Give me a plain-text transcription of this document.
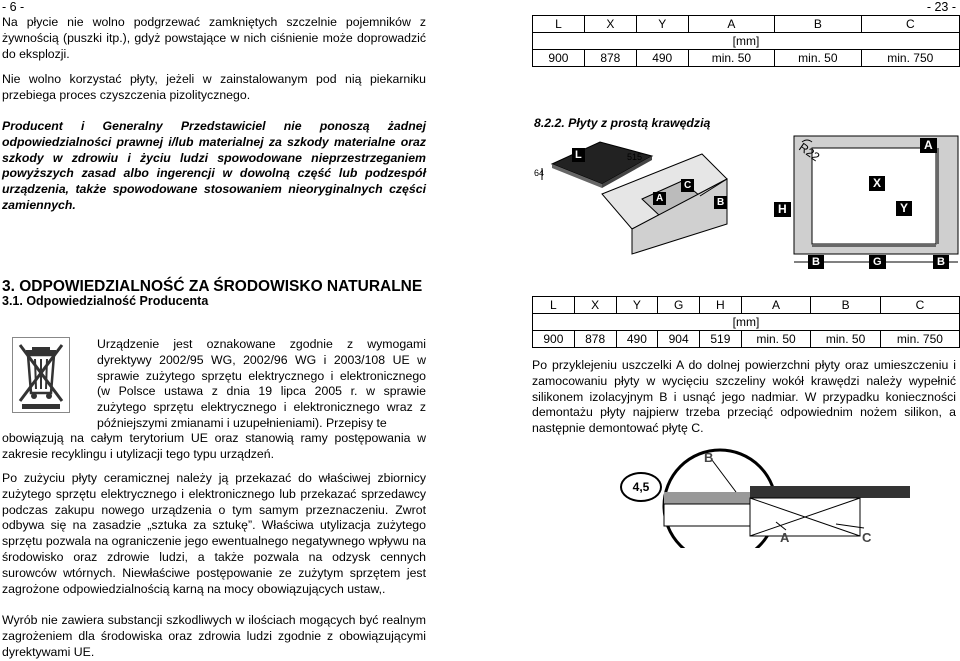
- 6 -	- 23 -
Na płycie nie wolno podgrzewać zamkniętych szczelnie pojemników z żywnością (puszki itp.), gdyż powstające w nich ciśnienie może doprowadzić do eksplozji.
Nie wolno korzystać płyty, jeżeli w zainstalowanym pod nią piekarniku przebiega proces czyszczenia pizolitycznego.
Producent i Generalny Przedstawiciel nie ponoszą żadnej odpowiedzialności prawnej i/lub materialnej za szkody materialne oraz szkody w zdrowiu i życiu ludzi spowodowane nieprzestrzeganiem powyższych zasad albo ingerencji w dowolną część lub podzespół urządzenia, także spowodowane stosowaniem nieoryginalnych części zamiennych.
3. ODPOWIEDZIALNOŚĆ ZA ŚRODOWISKO NATURALNE
3.1. Odpowiedzialność Producenta
Urządzenie jest oznakowane zgodnie z wymogami dyrektywy 2002/95 WG, 2002/96 WG i 2003/108 UE w sprawie zużytego sprzętu elektrycznego i elektronicznego (w Polsce ustawa z dnia 19 lipca 2005 r. w sprawie zużytego sprzętu elektrycznego i elektronicznego wraz z późniejszymi zmianami i uzupełnieniami). Przepisy te
obowiązują na całym terytorium UE oraz stanowią ramy postępowania w zakresie recyklingu i utylizacji tego typu urządzeń.
Po zużyciu płyty ceramicznej należy ją przekazać do właściwej zbiornicy zużytego sprzętu elektrycznego i elektronicznego lub przekazać sprzedawcy podczas zakupu nowego urządzenia o tym samym przeznaczeniu. Zwrot odbywa się na zasadzie „sztuka za sztukę”. Właściwa utylizacja zużytego sprzętu pozwala na ograniczenie jego ewentualnego negatywnego wpływu na środowisko oraz zdrowie ludzi, a także pozwala na odzysk cennych surowców wtórnych. Niewłaściwe postępowanie ze zużytym sprzętem jest zagrożone odpowiedzialnością karną na mocy obowiązujących ustaw,.
Wyrób nie zawiera substancji szkodliwych w ilościach mogących być realnym zagrożeniem dla środowiska oraz zdrowia ludzi zgodnie z obowiązującymi dyrektywami UE.
L	X	Y	A	B	C
[mm]					
900	878	490	min. 50	min. 50	min. 750
8.2.2. Płyty z prostą krawędzią
L	515
64
C
A	B
R22	A
X
Y
H
B	G	B
L	X	Y	G	H	A	B	C
[mm]							
900	878	490	904	519	min. 50	min. 50	min. 750
Po przyklejeniu uszczelki A do dolnej powierzchni płyty oraz umieszczeniu i zamocowaniu płyty w wycięciu szczeliny wokół krawędzi należy wypełnić silikonem izolacyjnym B i usnąć jego nadmiar. W przypadku konieczności demontażu płyty najpierw trzeba przeciąć odpowiednim nożem silikon, a następnie demontować płytę C.
B
4,5
A	C
